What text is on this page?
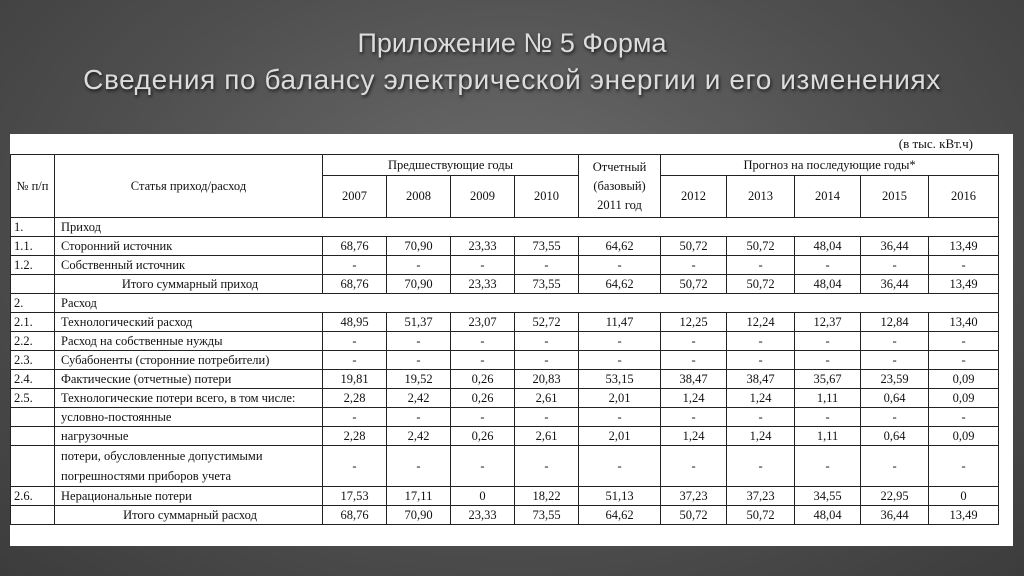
Приложение № 5 Форма
Сведения по балансу электрической энергии и его изменениях
(в тыс. кВт.ч)
№ п/п	Статья приход/расход	Предшествующие годы				Отчетный (базовый) 2011 год	Прогноз на последующие годы*				
		2007	2008	2009	2010		2012	2013	2014	2015	2016
1.	Приход										
1.1.	Сторонний источник	68,76	70,90	23,33	73,55	64,62	50,72	50,72	48,04	36,44	13,49
1.2.	Собственный источник	-	-	-	-	-	-	-	-	-	-
	Итого суммарный приход	68,76	70,90	23,33	73,55	64,62	50,72	50,72	48,04	36,44	13,49
2.	Расход										
2.1.	Технологический расход	48,95	51,37	23,07	52,72	11,47	12,25	12,24	12,37	12,84	13,40
2.2.	Расход на собственные нужды	-	-	-	-	-	-	-	-	-	-
2.3.	Субабоненты (сторонние потребители)	-	-	-	-	-	-	-	-	-	-
2.4.	Фактические (отчетные) потери	19,81	19,52	0,26	20,83	53,15	38,47	38,47	35,67	23,59	0,09
2.5.	Технологические потери всего, в том числе:	2,28	2,42	0,26	2,61	2,01	1,24	1,24	1,11	0,64	0,09
	условно-постоянные	-	-	-	-	-	-	-	-	-	-
	нагрузочные	2,28	2,42	0,26	2,61	2,01	1,24	1,24	1,11	0,64	0,09
	потери, обусловленные допустимыми погрешностями приборов учета	-	-	-	-	-	-	-	-	-	-
2.6.	Нерациональные потери	17,53	17,11	0	18,22	51,13	37,23	37,23	34,55	22,95	0
	Итого суммарный расход	68,76	70,90	23,33	73,55	64,62	50,72	50,72	48,04	36,44	13,49
